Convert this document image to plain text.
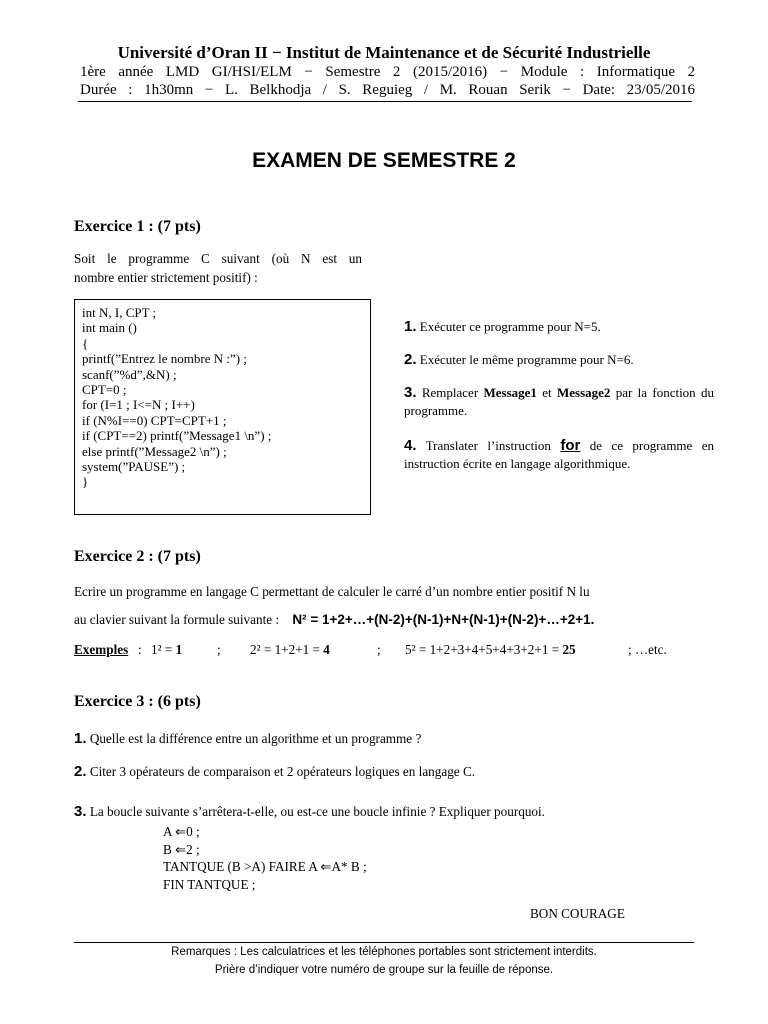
Université d’Oran II − Institut de Maintenance et de Sécurité Industrielle
1ère année LMD GI/HSI/ELM − Semestre 2 (2015/2016) − Module : Informatique 2
Durée : 1h30mn − L. Belkhodja / S. Reguieg / M. Rouan Serik − Date: 23/05/2016
EXAMEN DE SEMESTRE 2
Exercice 1 : (7 pts)
Soit le programme C suivant (où N est un
nombre entier strictement positif) :
int N, I, CPT ;
int main ()
{
printf(”Entrez le nombre N :”) ;
scanf(”%d”,&N) ;
CPT=0 ;
for (I=1 ; I<=N ; I++)
if (N%I==0) CPT=CPT+1 ;
if (CPT==2) printf(”Message1 \n”) ;
else printf(”Message2 \n”) ;
system(”PAUSE”) ;
}
1. Exécuter ce programme pour N=5.
2. Exécuter le même programme pour N=6.
3. Remplacer Message1 et Message2 par la fonction du programme.
4. Translater l’instruction for de ce programme en instruction écrite en langage algorithmique.
Exercice 2 : (7 pts)
Ecrire un programme en langage C permettant de calculer le carré d’un nombre entier positif N lu
au clavier suivant la formule suivante : N² = 1+2+…+(N-2)+(N-1)+N+(N-1)+(N-2)+…+2+1.
Exemples : 1² = 1	; 2² = 1+2+1 = 4	; 5² = 1+2+3+4+5+4+3+2+1 = 25	; …etc.
Exercice 3 : (6 pts)
1. Quelle est la différence entre un algorithme et un programme ?
2. Citer 3 opérateurs de comparaison et 2 opérateurs logiques en langage C.
3. La boucle suivante s’arrêtera-t-elle, ou est-ce une boucle infinie ? Expliquer pourquoi.
A ⇐0 ;
B ⇐2 ;
TANTQUE (B >A) FAIRE A ⇐A* B ;
FIN TANTQUE ;
BON COURAGE
Remarques : Les calculatrices et les téléphones portables sont strictement interdits.
Prière d’indiquer votre numéro de groupe sur la feuille de réponse.
